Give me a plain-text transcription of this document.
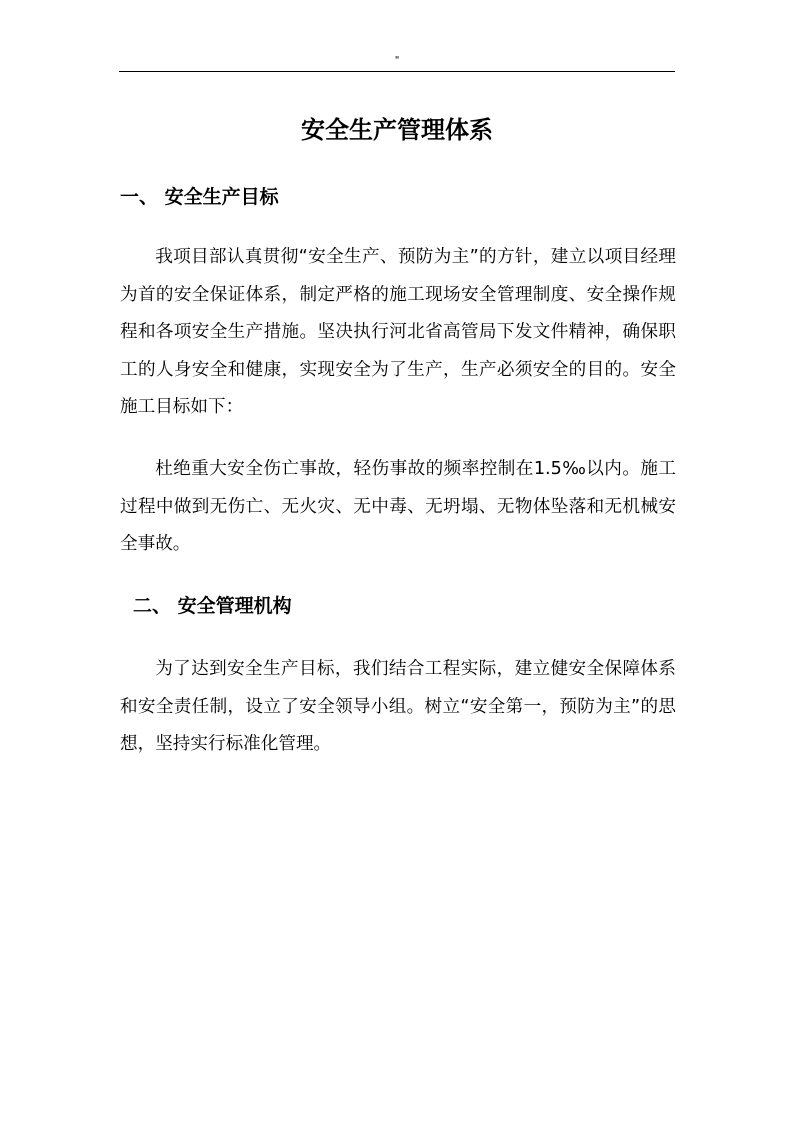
"
安全生产管理体系
一、 安全生产目标

我项目部认真贯彻“安全生产、预防为主”的方针，建立以项目经理为首的安全保证体系，制定严格的施工现场安全管理制度、安全操作规程和各项安全生产措施。坚决执行河北省高管局下发文件精神，确保职工的人身安全和健康，实现安全为了生产，生产必须安全的目的。安全施工目标如下：

杜绝重大安全伤亡事故，轻伤事故的频率控制在1.5‰以内。施工过程中做到无伤亡、无火灾、无中毒、无坍塌、无物体坠落和无机械安全事故。

二、 安全管理机构

为了达到安全生产目标，我们结合工程实际，建立健安全保障体系和安全责任制，设立了安全领导小组。树立“安全第一，预防为主”的思想，坚持实行标准化管理。
